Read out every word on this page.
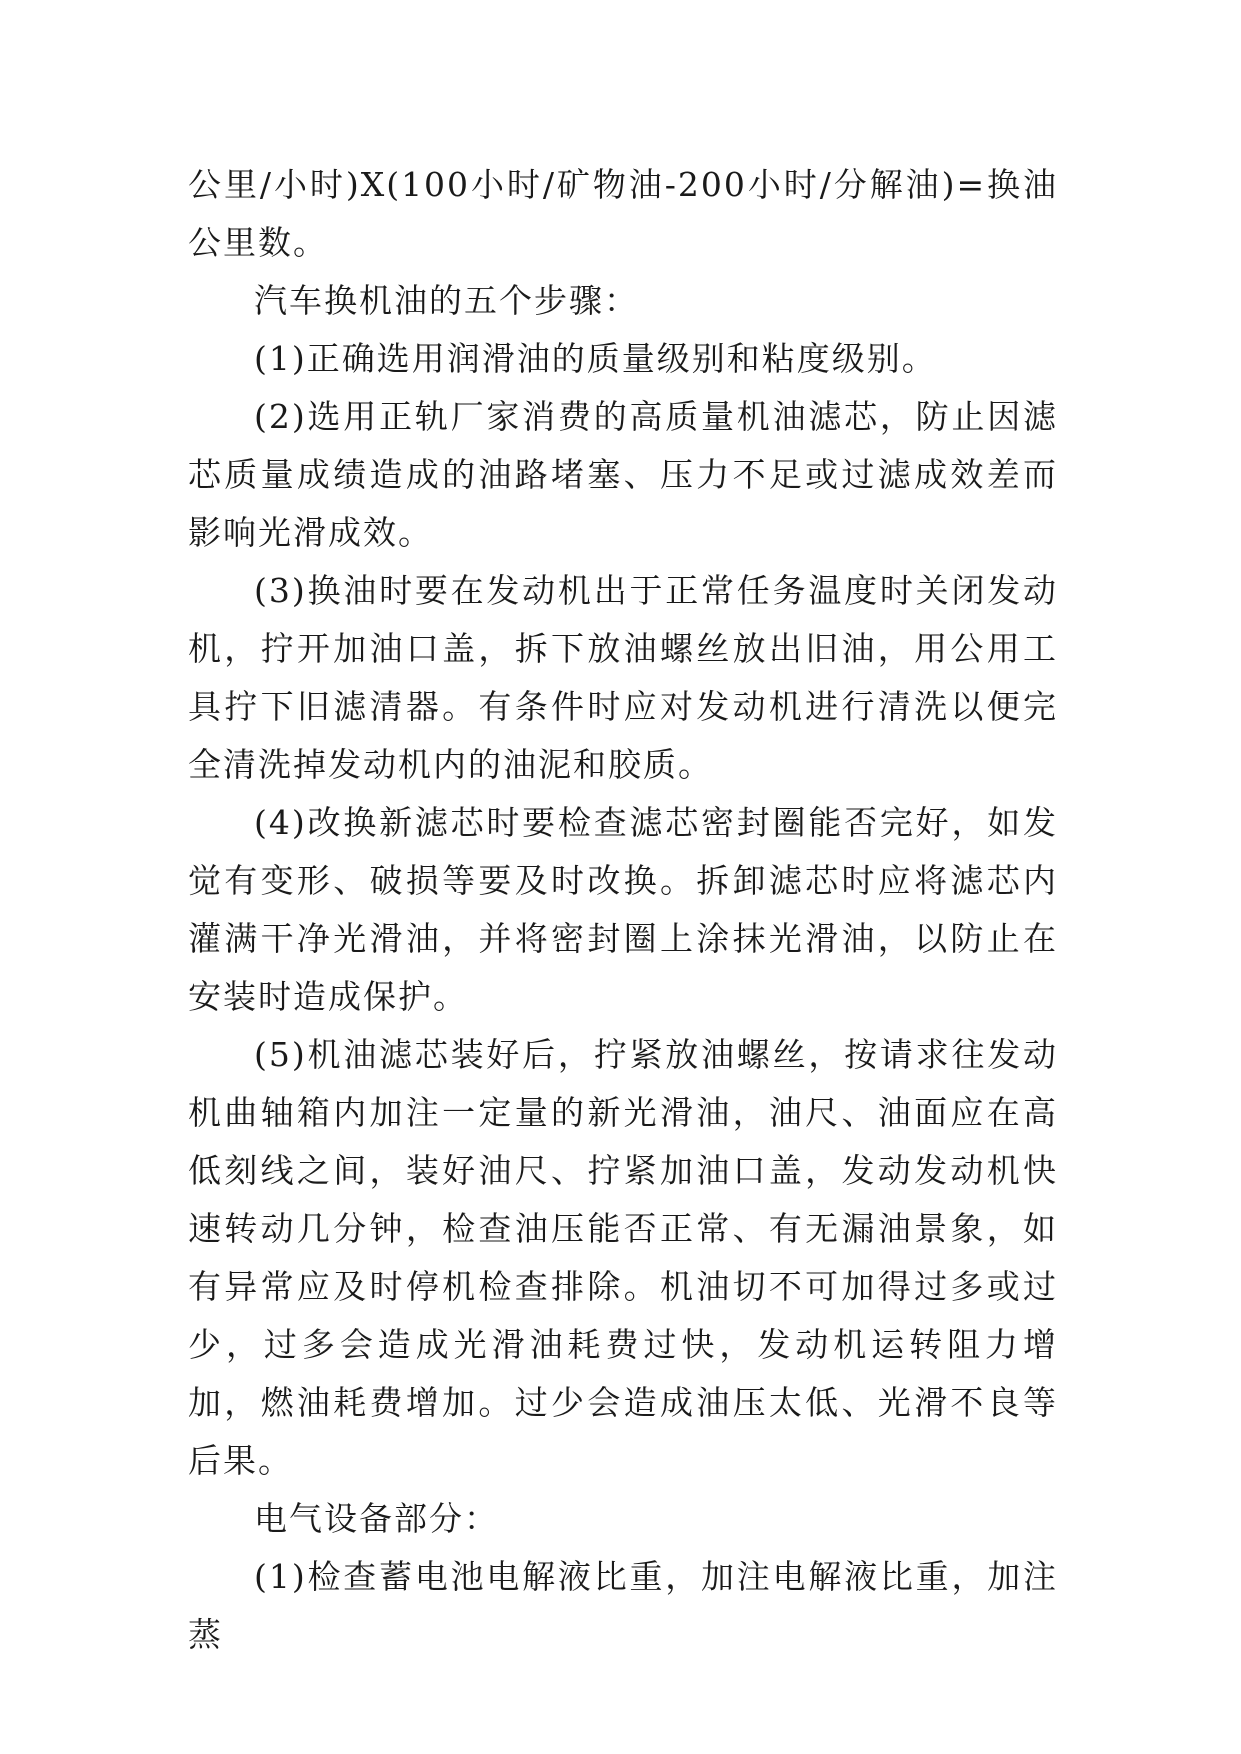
公里/小时)X(100小时/矿物油-200小时/分解油)=换油公里数。

汽车换机油的五个步骤：

(1)正确选用润滑油的质量级别和粘度级别。

(2)选用正轨厂家消费的高质量机油滤芯，防止因滤芯质量成绩造成的油路堵塞、压力不足或过滤成效差而影响光滑成效。

(3)换油时要在发动机出于正常任务温度时关闭发动机，拧开加油口盖，拆下放油螺丝放出旧油，用公用工具拧下旧滤清器。有条件时应对发动机进行清洗以便完全清洗掉发动机内的油泥和胶质。

(4)改换新滤芯时要检查滤芯密封圈能否完好，如发觉有变形、破损等要及时改换。拆卸滤芯时应将滤芯内灌满干净光滑油，并将密封圈上涂抹光滑油，以防止在安装时造成保护。

(5)机油滤芯装好后，拧紧放油螺丝，按请求往发动机曲轴箱内加注一定量的新光滑油，油尺、油面应在高低刻线之间，装好油尺、拧紧加油口盖，发动发动机快速转动几分钟，检查油压能否正常、有无漏油景象，如有异常应及时停机检查排除。机油切不可加得过多或过少，过多会造成光滑油耗费过快，发动机运转阻力增加，燃油耗费增加。过少会造成油压太低、光滑不良等后果。

电气设备部分：

(1)检查蓄电池电解液比重，加注电解液比重，加注蒸
